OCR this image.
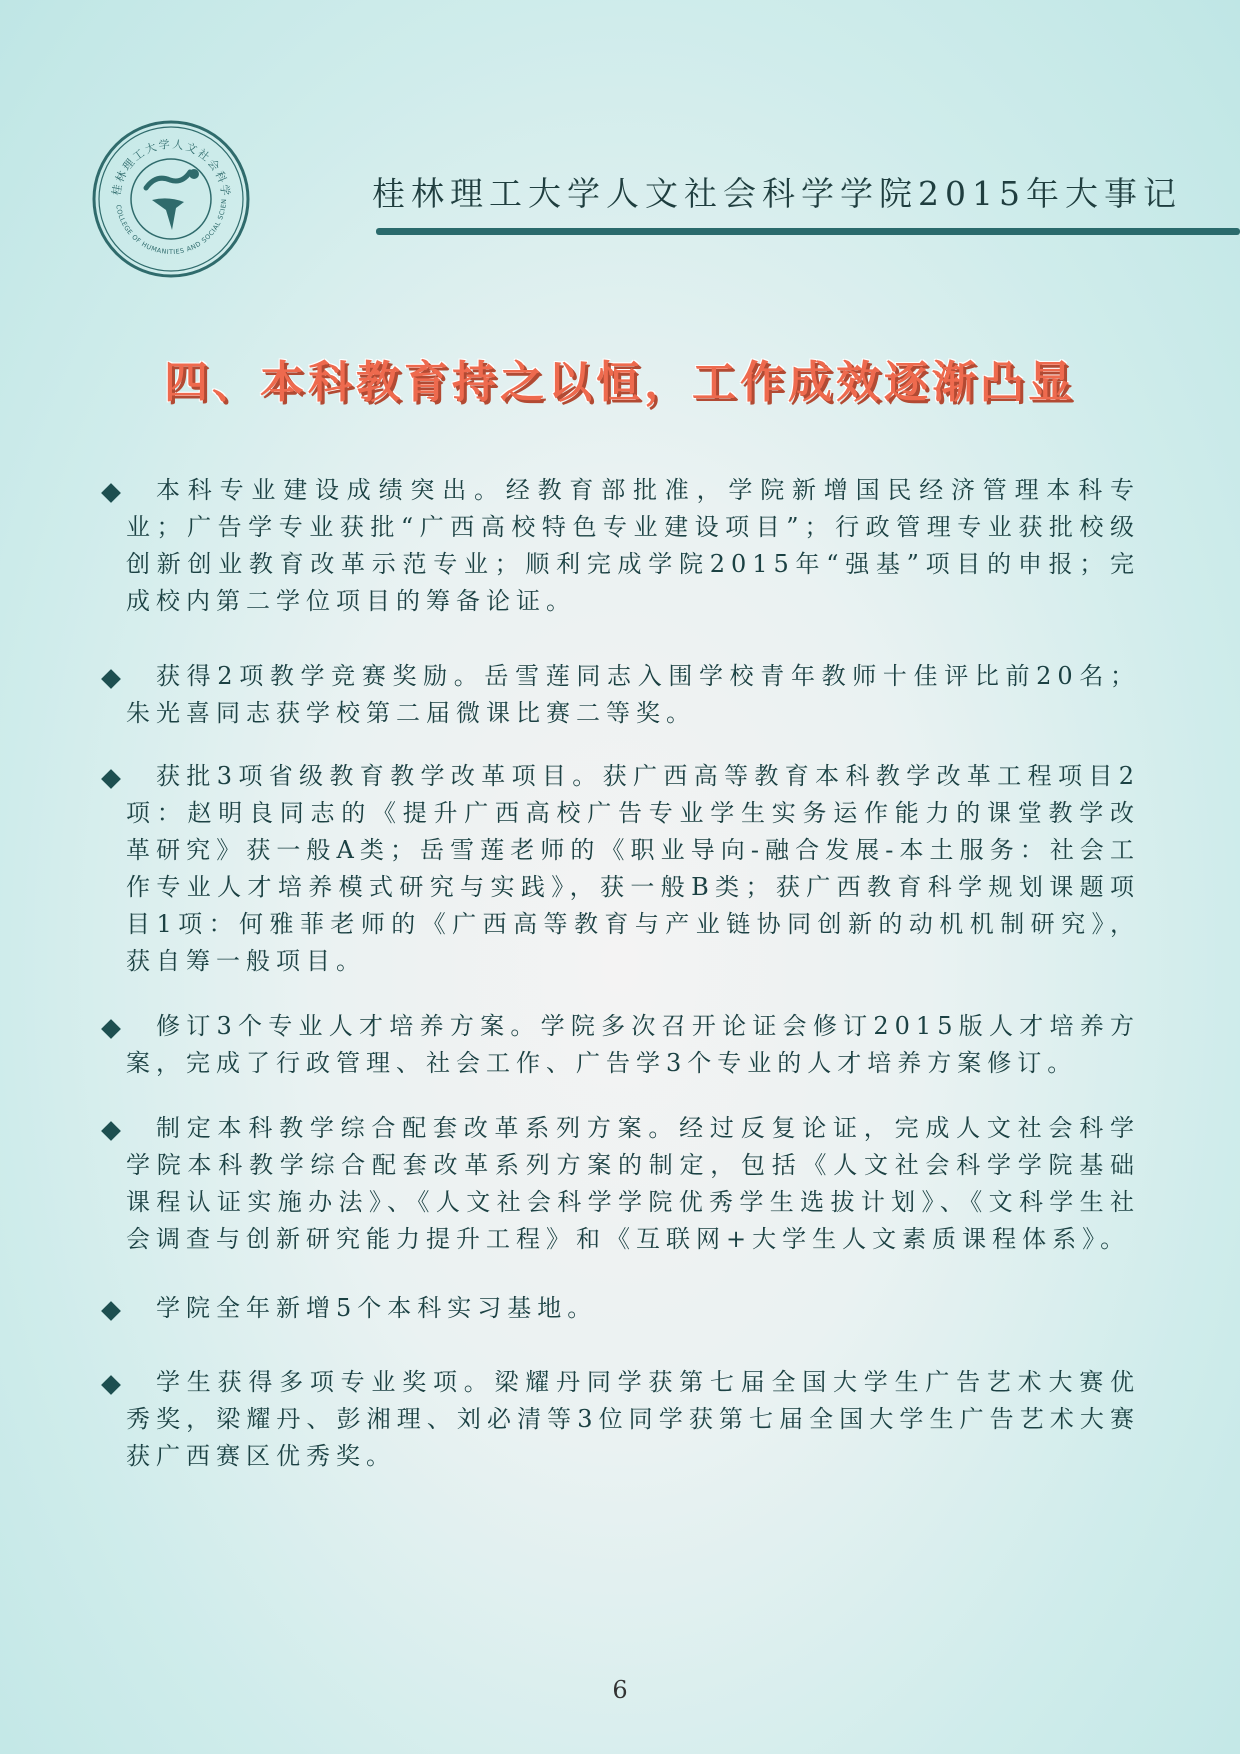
桂林理工大学人文社会科学
COLLEGE OF HUMANITIES AND SOCIAL SCIEN	桂林理工大学人文社会科学学院2015年大事记
四、本科教育持之以恒，工作成效逐渐凸显
本科专业建设成绩突出。经教育部批准，学院新增国民经济管理本科专业；广告学专业获批“广西高校特色专业建设项目”；行政管理专业获批校级创新创业教育改革示范专业；顺利完成学院2015年“强基”项目的申报；完成校内第二学位项目的筹备论证。
获得2项教学竞赛奖励。岳雪莲同志入围学校青年教师十佳评比前20名；朱光喜同志获学校第二届微课比赛二等奖。
获批3项省级教育教学改革项目。获广西高等教育本科教学改革工程项目2项：赵明良同志的《提升广西高校广告专业学生实务运作能力的课堂教学改革研究》获一般A类；岳雪莲老师的《职业导向-融合发展-本土服务：社会工作专业人才培养模式研究与实践》，获一般B类；获广西教育科学规划课题项目1项：何雅菲老师的《广西高等教育与产业链协同创新的动机机制研究》，获自筹一般项目。
修订3个专业人才培养方案。学院多次召开论证会修订2015版人才培养方案，完成了行政管理、社会工作、广告学3个专业的人才培养方案修订。
制定本科教学综合配套改革系列方案。经过反复论证，完成人文社会科学学院本科教学综合配套改革系列方案的制定，包括《人文社会科学学院基础课程认证实施办法》、《人文社会科学学院优秀学生选拔计划》、《文科学生社会调查与创新研究能力提升工程》和《互联网+大学生人文素质课程体系》。
学院全年新增5个本科实习基地。
学生获得多项专业奖项。梁耀丹同学获第七届全国大学生广告艺术大赛优秀奖，梁耀丹、彭湘理、刘必清等3位同学获第七届全国大学生广告艺术大赛获广西赛区优秀奖。
6
